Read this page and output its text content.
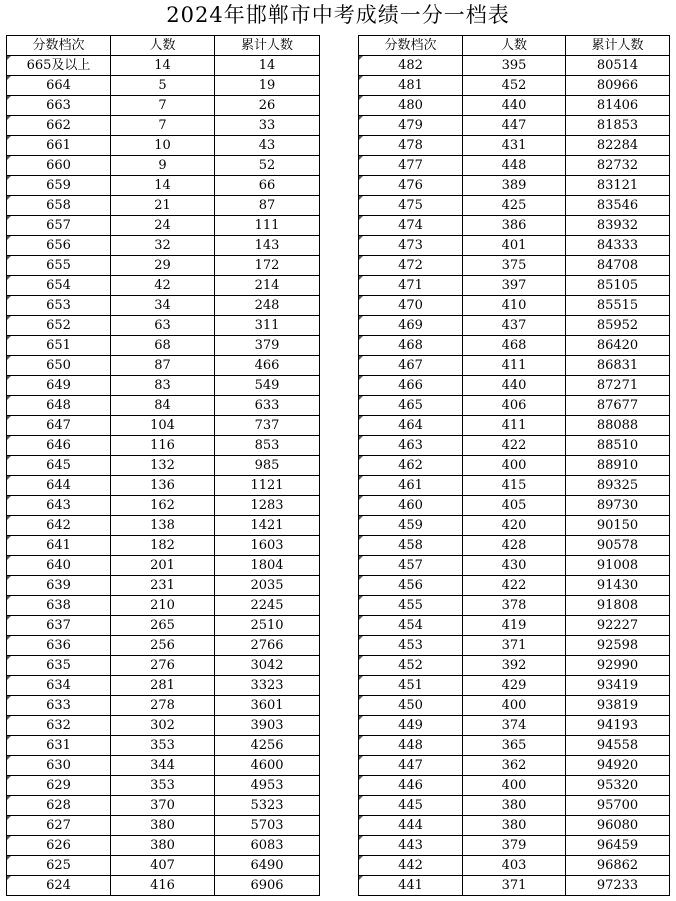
2024年邯郸市中考成绩一分一档表
分数档次	人数	累计人数
665及以上	14	14
664	5	19
663	7	26
662	7	33
661	10	43
660	9	52
659	14	66
658	21	87
657	24	111
656	32	143
655	29	172
654	42	214
653	34	248
652	63	311
651	68	379
650	87	466
649	83	549
648	84	633
647	104	737
646	116	853
645	132	985
644	136	1121
643	162	1283
642	138	1421
641	182	1603
640	201	1804
639	231	2035
638	210	2245
637	265	2510
636	256	2766
635	276	3042
634	281	3323
633	278	3601
632	302	3903
631	353	4256
630	344	4600
629	353	4953
628	370	5323
627	380	5703
626	380	6083
625	407	6490
624	416	6906
分数档次	人数	累计人数
482	395	80514
481	452	80966
480	440	81406
479	447	81853
478	431	82284
477	448	82732
476	389	83121
475	425	83546
474	386	83932
473	401	84333
472	375	84708
471	397	85105
470	410	85515
469	437	85952
468	468	86420
467	411	86831
466	440	87271
465	406	87677
464	411	88088
463	422	88510
462	400	88910
461	415	89325
460	405	89730
459	420	90150
458	428	90578
457	430	91008
456	422	91430
455	378	91808
454	419	92227
453	371	92598
452	392	92990
451	429	93419
450	400	93819
449	374	94193
448	365	94558
447	362	94920
446	400	95320
445	380	95700
444	380	96080
443	379	96459
442	403	96862
441	371	97233
